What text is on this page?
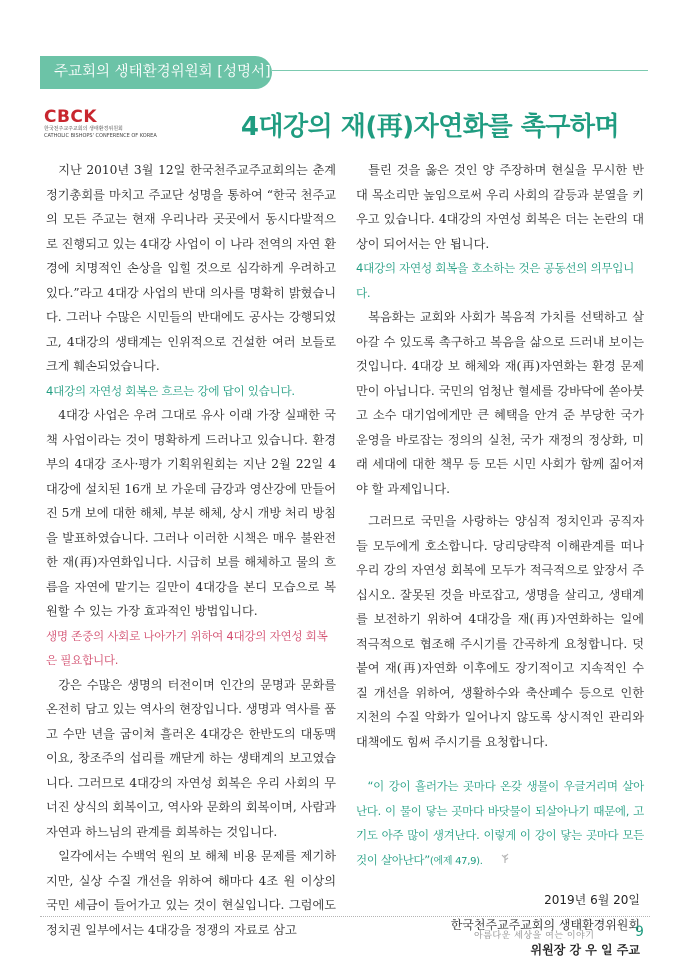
주교회의 생태환경위원회 [성명서]
CBCK
한국천주교주교회의 생태환경위원회
CATHOLIC BISHOPS' CONFERENCE OF KOREA	4대강의 재(再)자연화를 촉구하며

지난 2010년 3월 12일 한국천주교주교회의는 춘계 정기총회를 마치고 주교단 성명을 통하여 “한국 천주교의 모든 주교는 현재 우리나라 곳곳에서 동시다발적으로 진행되고 있는 4대강 사업이 이 나라 전역의 자연 환경에 치명적인 손상을 입힐 것으로 심각하게 우려하고 있다.”라고 4대강 사업의 반대 의사를 명확히 밝혔습니다. 그러나 수많은 시민들의 반대에도 공사는 강행되었고, 4대강의 생태계는 인위적으로 건설한 여러 보들로 크게 훼손되었습니다.

4대강의 자연성 회복은 흐르는 강에 답이 있습니다.

4대강 사업은 우려 그대로 유사 이래 가장 실패한 국책 사업이라는 것이 명확하게 드러나고 있습니다. 환경부의 4대강 조사·평가 기획위원회는 지난 2월 22일 4대강에 설치된 16개 보 가운데 금강과 영산강에 만들어진 5개 보에 대한 해체, 부분 해체, 상시 개방 처리 방침을 발표하였습니다. 그러나 이러한 시책은 매우 불완전한 재(再)자연화입니다. 시급히 보를 해체하고 물의 흐름을 자연에 맡기는 길만이 4대강을 본디 모습으로 복원할 수 있는 가장 효과적인 방법입니다.

생명 존중의 사회로 나아가기 위하여 4대강의 자연성 회복은 필요합니다.

강은 수많은 생명의 터전이며 인간의 문명과 문화를 온전히 담고 있는 역사의 현장입니다. 생명과 역사를 품고 수만 년을 굽이쳐 흘러온 4대강은 한반도의 대동맥이요, 창조주의 섭리를 깨닫게 하는 생태계의 보고였습니다. 그러므로 4대강의 자연성 회복은 우리 사회의 무너진 상식의 회복이고, 역사와 문화의 회복이며, 사람과 자연과 하느님의 관계를 회복하는 것입니다.

일각에서는 수백억 원의 보 해체 비용 문제를 제기하지만, 실상 수질 개선을 위하여 해마다 4조 원 이상의 국민 세금이 들어가고 있는 것이 현실입니다. 그럼에도 정치권 일부에서는 4대강을 정쟁의 자료로 삼고

틀린 것을 옳은 것인 양 주장하며 현실을 무시한 반대 목소리만 높임으로써 우리 사회의 갈등과 분열을 키우고 있습니다. 4대강의 자연성 회복은 더는 논란의 대상이 되어서는 안 됩니다.

4대강의 자연성 회복을 호소하는 것은 공동선의 의무입니다.

복음화는 교회와 사회가 복음적 가치를 선택하고 살아갈 수 있도록 촉구하고 복음을 삶으로 드러내 보이는 것입니다. 4대강 보 해체와 재(再)자연화는 환경 문제만이 아닙니다. 국민의 엄청난 혈세를 강바닥에 쏟아붓고 소수 대기업에게만 큰 혜택을 안겨 준 부당한 국가 운영을 바로잡는 정의의 실천, 국가 재정의 정상화, 미래 세대에 대한 책무 등 모든 시민 사회가 함께 짊어져야 할 과제입니다.

그러므로 국민을 사랑하는 양심적 정치인과 공직자들 모두에게 호소합니다. 당리당략적 이해관계를 떠나 우리 강의 자연성 회복에 모두가 적극적으로 앞장서 주십시오. 잘못된 것을 바로잡고, 생명을 살리고, 생태계를 보전하기 위하여 4대강을 재(再)자연화하는 일에 적극적으로 협조해 주시기를 간곡하게 요청합니다. 덧붙여 재(再)자연화 이후에도 장기적이고 지속적인 수질 개선을 위하여, 생활하수와 축산폐수 등으로 인한 지천의 수질 악화가 일어나지 않도록 상시적인 관리와 대책에도 힘써 주시기를 요청합니다.

“이 강이 흘러가는 곳마다 온갖 생물이 우글거리며 살아난다. 이 물이 닿는 곳마다 바닷물이 되살아나기 때문에, 고기도 아주 많이 생겨난다. 이렇게 이 강이 닿는 곳마다 모든 것이 살아난다”(에제 47,9).
2019년 6월 20일
한국천주교주교회의 생태환경위원회
위원장 강 우 일 주교
아름다운 세상을 여는 이야기	9
